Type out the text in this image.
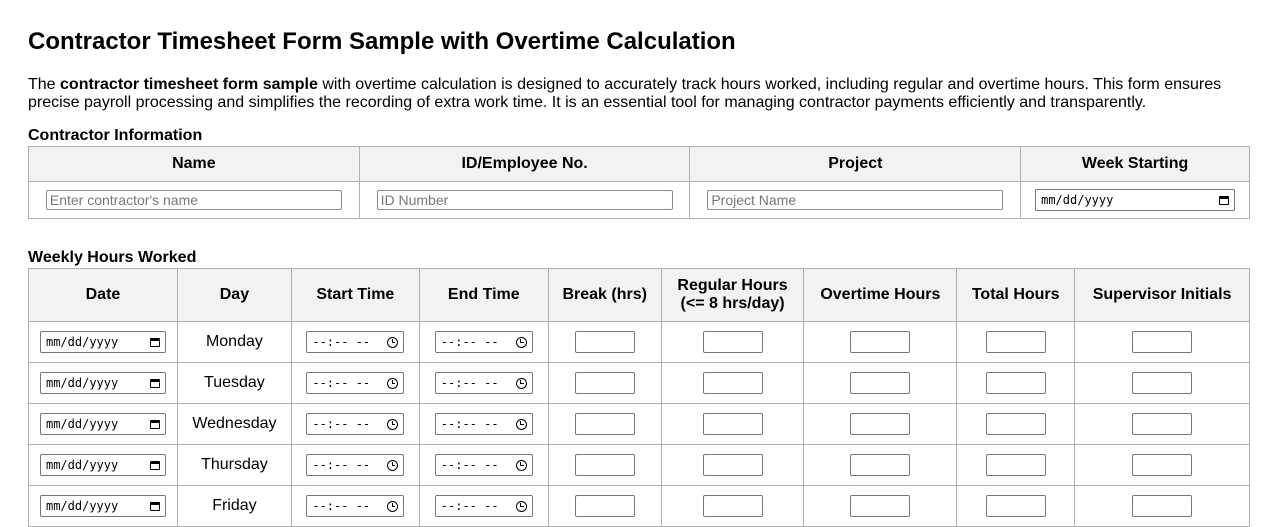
Contractor Timesheet Form Sample with Overtime Calculation

The contractor timesheet form sample with overtime calculation is designed to accurately track hours worked, including regular and overtime hours. This form ensures precise payroll processing and simplifies the recording of extra work time. It is an essential tool for managing contractor payments efficiently and transparently.

Contractor Information
Name	ID/Employee No.	Project	Week Starting

Enter contractor's name	ID Number	Project Name	mm/dd/yyyy
Weekly Hours Worked
Date	Day	Start Time	End Time	Break (hrs)	Regular Hours
(<= 8 hrs/day)	Overtime Hours	Total Hours	Supervisor Initials

mm/dd/yyyy	Monday	--:-- --	--:-- --					

mm/dd/yyyy	Tuesday	--:-- --	--:-- --					

mm/dd/yyyy	Wednesday	--:-- --	--:-- --					

mm/dd/yyyy	Thursday	--:-- --	--:-- --					

mm/dd/yyyy	Friday	--:-- --	--:-- --					
